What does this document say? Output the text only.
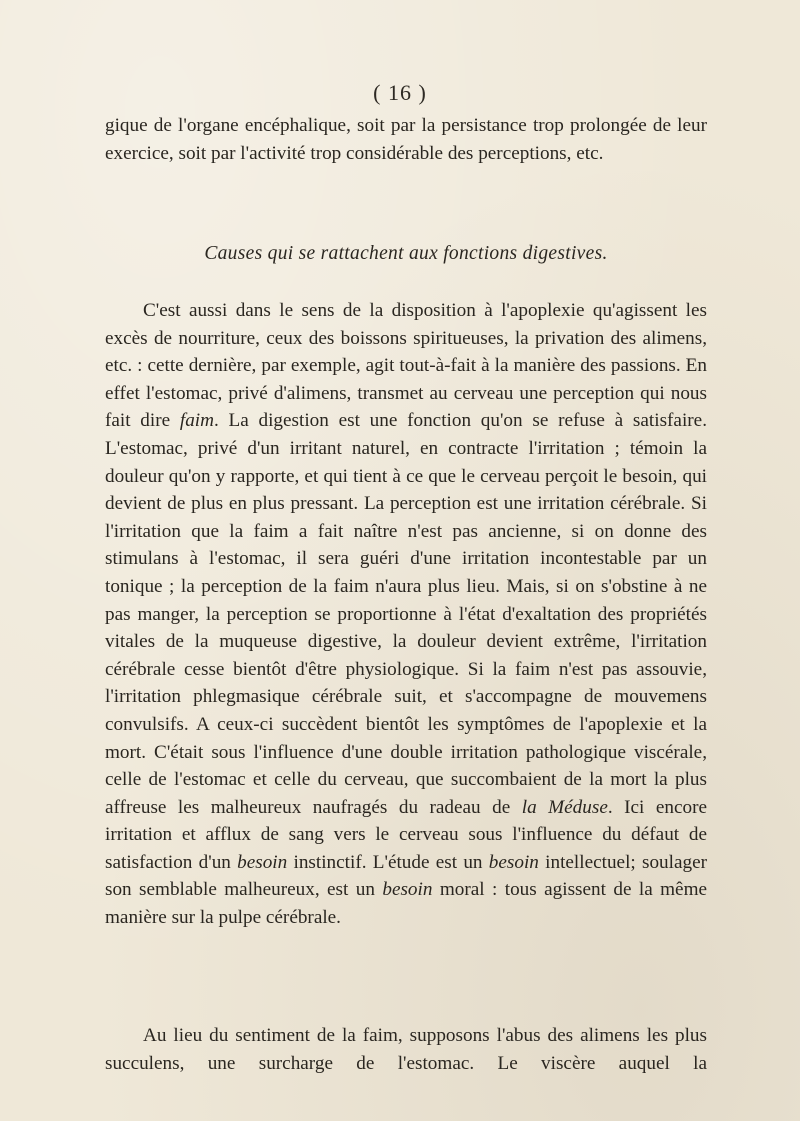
( 16 )
gique de l'organe encéphalique, soit par la persistance trop prolongée de leur exercice, soit par l'activité trop considérable des perceptions, etc.
Causes qui se rattachent aux fonctions digestives.
C'est aussi dans le sens de la disposition à l'apoplexie qu'agissent les excès de nourriture, ceux des boissons spiritueuses, la privation des alimens, etc. : cette dernière, par exemple, agit tout-à-fait à la manière des passions. En effet l'estomac, privé d'alimens, transmet au cerveau une perception qui nous fait dire faim. La digestion est une fonction qu'on se refuse à satisfaire. L'estomac, privé d'un irritant naturel, en contracte l'irritation ; témoin la douleur qu'on y rapporte, et qui tient à ce que le cerveau perçoit le besoin, qui devient de plus en plus pressant. La perception est une irritation cérébrale. Si l'irritation que la faim a fait naître n'est pas ancienne, si on donne des stimulans à l'estomac, il sera guéri d'une irritation incontestable par un tonique ; la perception de la faim n'aura plus lieu. Mais, si on s'obstine à ne pas manger, la perception se proportionne à l'état d'exaltation des propriétés vitales de la muqueuse digestive, la douleur devient extrême, l'irritation cérébrale cesse bientôt d'être physiologique. Si la faim n'est pas assouvie, l'irritation phlegmasique cérébrale suit, et s'accompagne de mouvemens convulsifs. A ceux-ci succèdent bientôt les symptômes de l'apoplexie et la mort. C'était sous l'influence d'une double irritation pathologique viscérale, celle de l'estomac et celle du cerveau, que succombaient de la mort la plus affreuse les malheureux naufragés du radeau de la Méduse. Ici encore irritation et afflux de sang vers le cerveau sous l'influence du défaut de satisfaction d'un besoin instinctif. L'étude est un besoin intellectuel; soulager son semblable malheureux, est un besoin moral : tous agissent de la même manière sur la pulpe cérébrale.
Au lieu du sentiment de la faim, supposons l'abus des alimens les plus succulens, une surcharge de l'estomac. Le viscère auquel la
